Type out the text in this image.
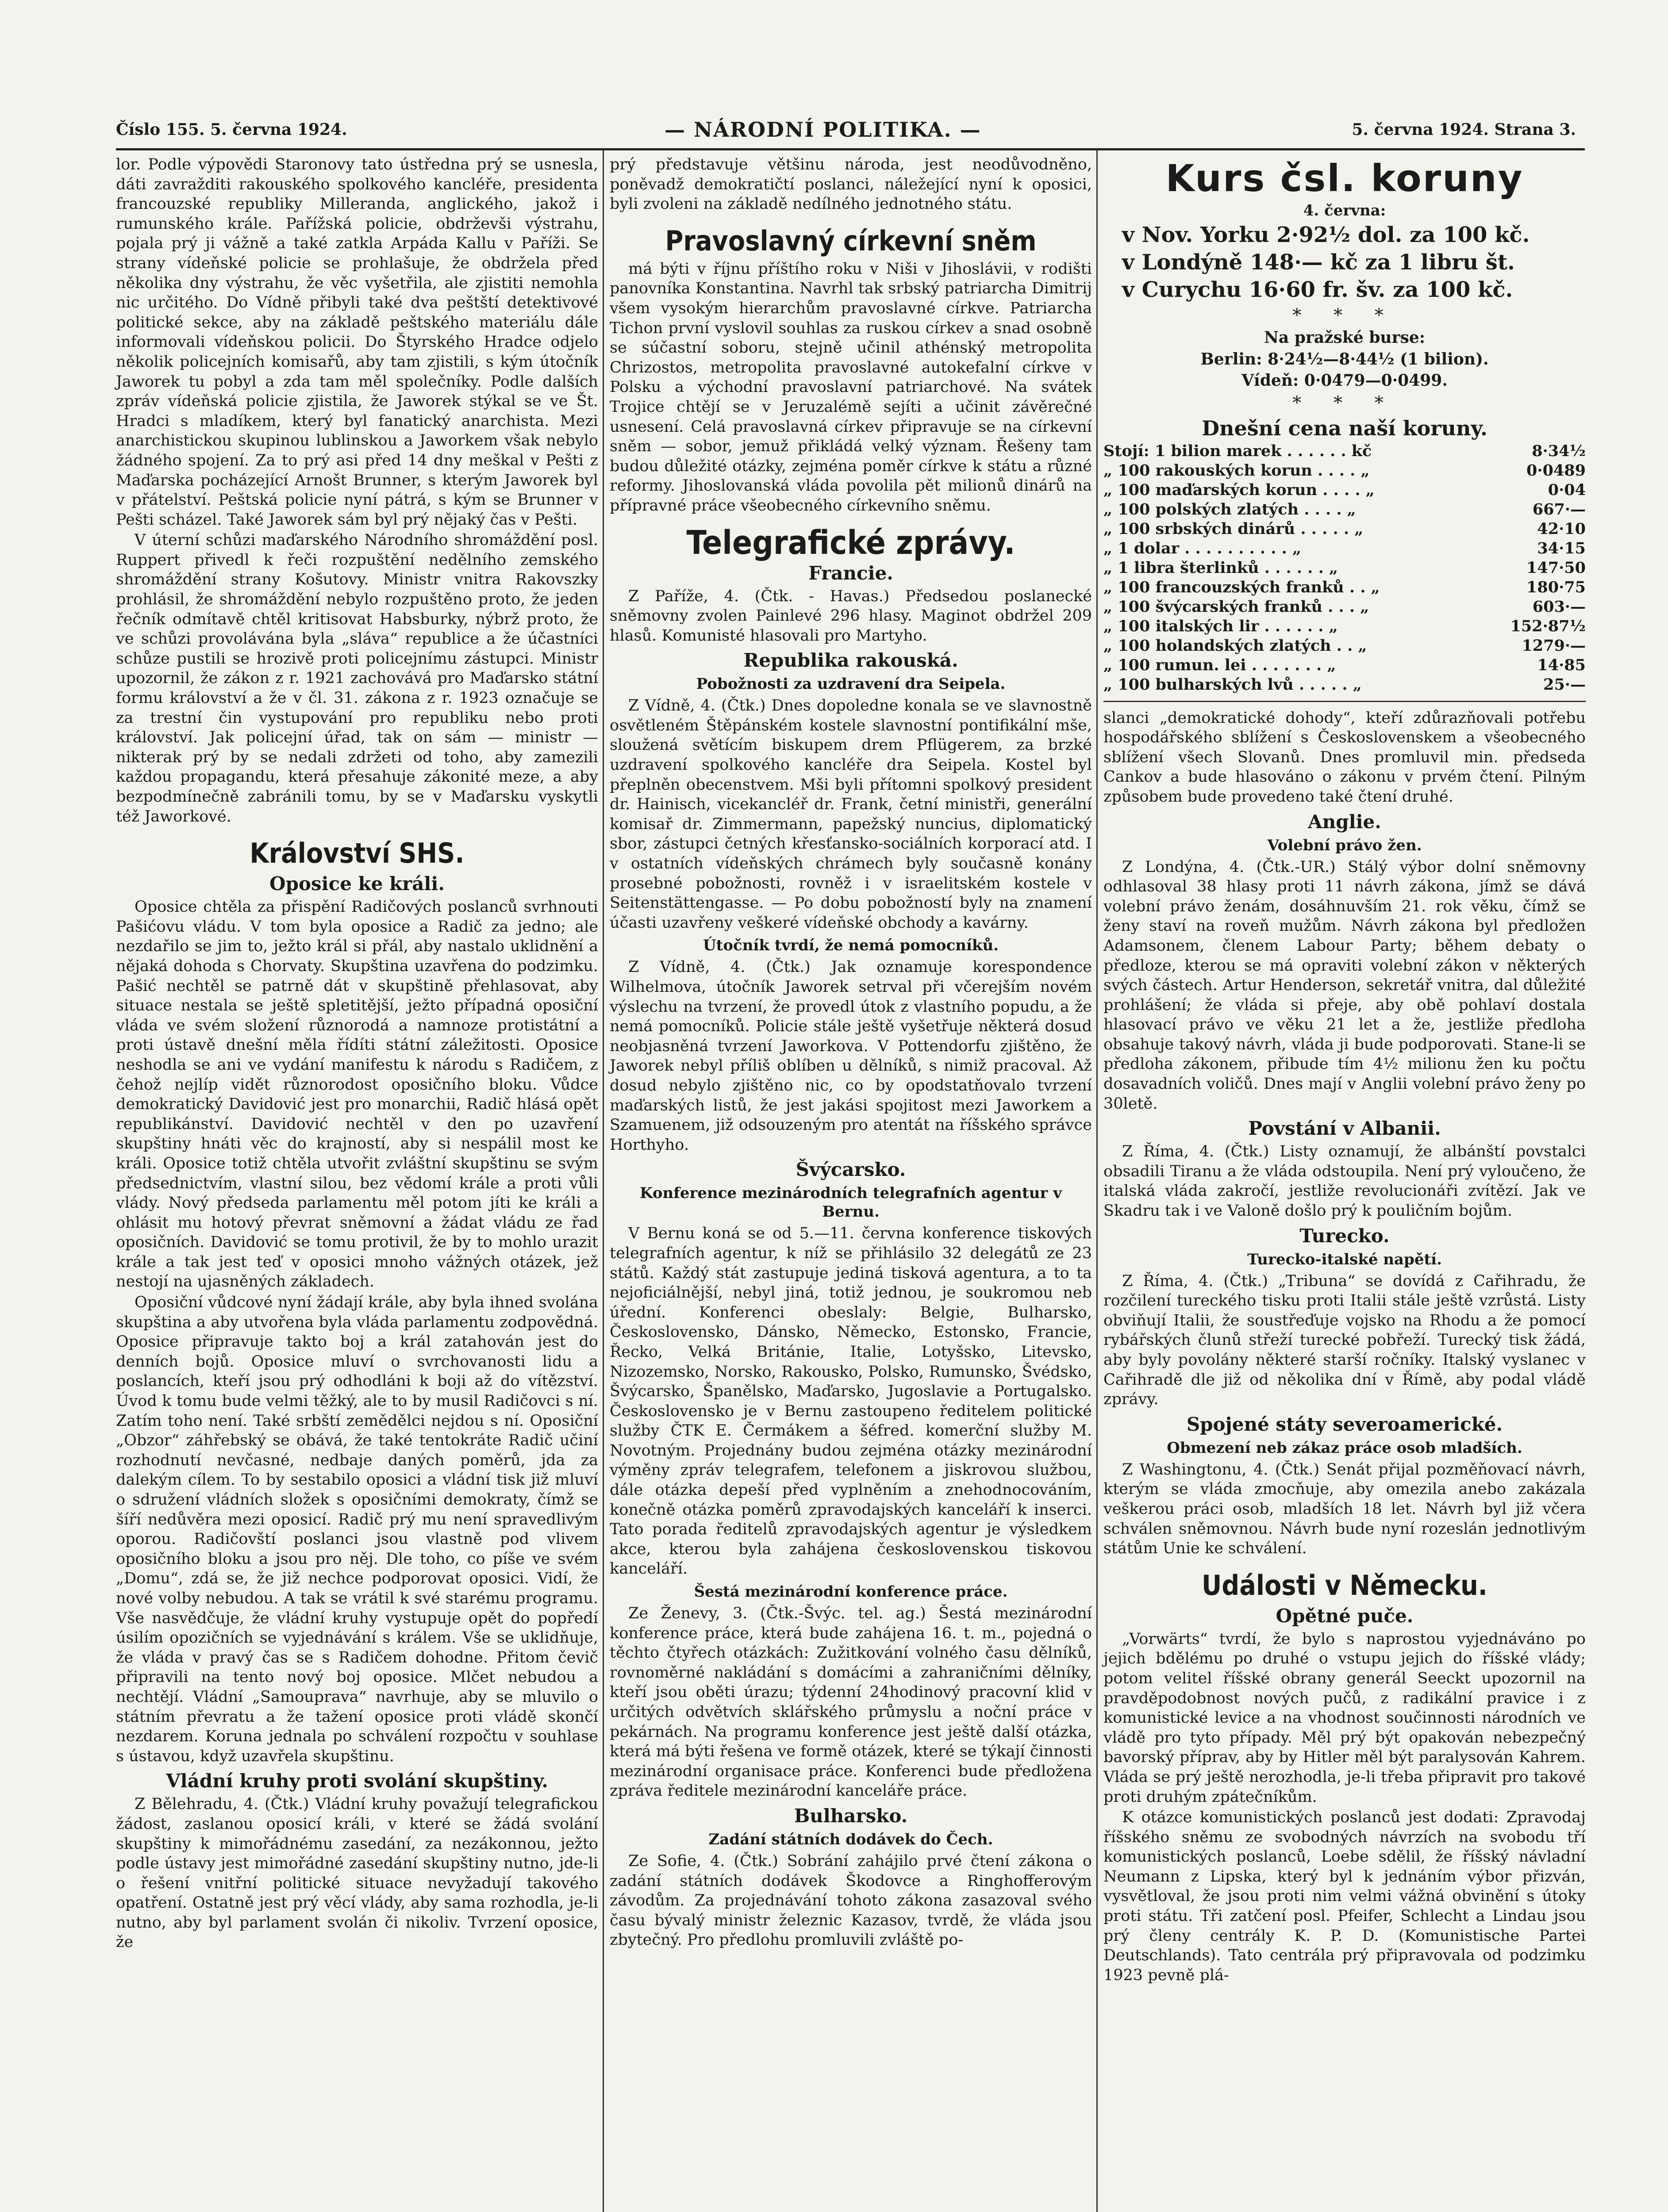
Číslo 155. 5. června 1924.	— NÁRODNÍ POLITIKA. —	5. června 1924. Strana 3.

lor. Podle výpovědi Staronovy tato ústředna prý se usnesla, dáti zavražditi rakouského spolkového kancléře, presidenta francouzské republiky Milleranda, anglického, jakož i rumunského krále. Pařížská policie, obdrževši výstrahu, pojala prý ji vážně a také zatkla Arpáda Kallu v Paříži. Se strany vídeňské policie se prohlašuje, že obdržela před několika dny výstrahu, že věc vyšetřila, ale zjistiti nemohla nic určitého. Do Vídně přibyli také dva peštští detektivové politické sekce, aby na základě peštského materiálu dále informovali vídeňskou policii. Do Štyrského Hradce odjelo několik policejních komisařů, aby tam zjistili, s kým útočník Jaworek tu pobyl a zda tam měl společníky. Podle dalších zpráv vídeňská policie zjistila, že Jaworek stýkal se ve Št. Hradci s mladíkem, který byl fanatický anarchista. Mezi anarchistickou skupinou lublinskou a Jaworkem však nebylo žádného spojení. Za to prý asi před 14 dny meškal v Pešti z Maďarska pocházející Arnošt Brunner, s kterým Jaworek byl v přátelství. Peštská policie nyní pátrá, s kým se Brunner v Pešti scházel. Také Jaworek sám byl prý nějaký čas v Pešti.

V úterní schůzi maďarského Národního shromáždění posl. Ruppert přivedl k řeči rozpuštění nedělního zemského shromáždění strany Košutovy. Ministr vnitra Rakovszky prohlásil, že shromáždění nebylo rozpuštěno proto, že jeden řečník odmítavě chtěl kritisovat Habsburky, nýbrž proto, že ve schůzi provolávána byla „sláva“ republice a že účastníci schůze pustili se hrozivě proti policejnímu zástupci. Ministr upozornil, že zákon z r. 1921 zachovává pro Maďarsko státní formu království a že v čl. 31. zákona z r. 1923 označuje se za trestní čin vystupování pro republiku nebo proti království. Jak policejní úřad, tak on sám — ministr — nikterak prý by se nedali zdržeti od toho, aby zamezili každou propagandu, která přesahuje zákonité meze, a aby bezpodmínečně zabránili tomu, by se v Maďarsku vyskytli též Jaworkové.

Království SHS.
Oposice ke králi.

Oposice chtěla za přispění Radičových poslanců svrhnouti Pašićovu vládu. V tom byla oposice a Radič za jedno; ale nezdařilo se jim to, ježto král si přál, aby nastalo uklidnění a nějaká dohoda s Chorvaty. Skupština uzavřena do podzimku. Pašić nechtěl se patrně dát v skupštině přehlasovat, aby situace nestala se ještě spletitější, ježto případná oposiční vláda ve svém složení různorodá a namnoze protistátní a proti ústavě dnešní měla řídíti státní záležitosti. Oposice neshodla se ani ve vydání manifestu k národu s Radičem, z čehož nejlíp vidět různorodost oposičního bloku. Vůdce demokratický Davidović jest pro monarchii, Radič hlásá opět republikánství. Davidović nechtěl v den po uzavření skupštiny hnáti věc do krajností, aby si nespálil most ke králi. Oposice totiž chtěla utvořit zvláštní skupštinu se svým předsednictvím, vlastní silou, bez vědomí krále a proti vůli vlády. Nový předseda parlamentu měl potom jíti ke králi a ohlásit mu hotový převrat sněmovní a žádat vládu ze řad oposičních. Davidović se tomu protivil, že by to mohlo urazit krále a tak jest teď v oposici mnoho vážných otázek, jež nestojí na ujasněných základech.

Oposiční vůdcové nyní žádají krále, aby byla ihned svolána skupština a aby utvořena byla vláda parlamentu zodpovědná. Oposice připravuje takto boj a král zatahován jest do denních bojů. Oposice mluví o svrchovanosti lidu a poslancích, kteří jsou prý odhodláni k boji až do vítězství. Úvod k tomu bude velmi těžký, ale to by musil Radičovci s ní. Zatím toho není. Také srbští zemědělci nejdou s ní. Oposiční „Obzor“ záhřebský se obává, že také tentokráte Radič učiní rozhodnutí nevčasné, nedbaje daných poměrů, jda za dalekým cílem. To by sestabilo oposici a vládní tisk již mluví o sdružení vládních složek s oposičními demokraty, čímž se šíří nedůvěra mezi oposicí. Radič prý mu není spravedlivým oporou. Radičovští poslanci jsou vlastně pod vlivem oposičního bloku a jsou pro něj. Dle toho, co píše ve svém „Domu“, zdá se, že již nechce podporovat oposici. Vidí, že nové volby nebudou. A tak se vrátil k své starému programu. Vše nasvědčuje, že vládní kruhy vystupuje opět do popředí úsilím opozičních se vyjednávání s králem. Vše se uklidňuje, že vláda v pravý čas se s Radičem dohodne. Přitom čevič připravili na tento nový boj oposice. Mlčet nebudou a nechtějí. Vládní „Samouprava“ navrhuje, aby se mluvilo o státním převratu a že tažení oposice proti vládě skončí nezdarem. Koruna jednala po schválení rozpočtu v souhlase s ústavou, když uzavřela skupštinu.

Vládní kruhy proti svolání skupštiny.

Z Bělehradu, 4. (Čtk.) Vládní kruhy považují telegrafickou žádost, zaslanou oposicí králi, v které se žádá svolání skupštiny k mimořádnému zasedání, za nezákonnou, ježto podle ústavy jest mimořádné zasedání skupštiny nutno, jde-li o řešení vnitřní politické situace nevyžadují takového opatření. Ostatně jest prý věcí vlády, aby sama rozhodla, je-li nutno, aby byl parlament svolán či nikoliv. Tvrzení oposice, že

prý představuje většinu národa, jest neodůvodněno, poněvadž demokratičtí poslanci, náležející nyní k oposici, byli zvoleni na základě nedílného jednotného státu.

Pravoslavný církevní sněm

má býti v říjnu příštího roku v Niši v Jihoslávii, v rodišti panovníka Konstantina. Navrhl tak srbský patriarcha Dimitrij všem vysokým hierarchům pravoslavné církve. Patriarcha Tichon první vyslovil souhlas za ruskou církev a snad osobně se súčastní soboru, stejně učinil athénský metropolita Chrizostos, metropolita pravoslavné autokefalní církve v Polsku a východní pravoslavní patriarchové. Na svátek Trojice chtějí se v Jeruzalémě sejíti a učinit závěrečné usnesení. Celá pravoslavná církev připravuje se na církevní sněm — sobor, jemuž přikládá velký význam. Řešeny tam budou důležité otázky, zejména poměr církve k státu a různé reformy. Jihoslovanská vláda povolila pět milionů dinárů na přípravné práce všeobecného církevního sněmu.

Telegrafické zprávy.
Francie.

Z Paříže, 4. (Čtk. - Havas.) Předsedou poslanecké sněmovny zvolen Painlevé 296 hlasy. Maginot obdržel 209 hlasů. Komunisté hlasovali pro Martyho.

Republika rakouská.
Pobožnosti za uzdravení dra Seipela.

Z Vídně, 4. (Čtk.) Dnes dopoledne konala se ve slavnostně osvětleném Štěpánském kostele slavnostní pontifikální mše, sloužená světícím biskupem drem Pflügerem, za brzké uzdravení spolkového kancléře dra Seipela. Kostel byl přeplněn obecenstvem. Mši byli přítomni spolkový president dr. Hainisch, vicekancléř dr. Frank, četní ministři, generální komisař dr. Zimmermann, papežský nuncius, diplomatický sbor, zástupci četných křesťansko-sociálních korporací atd. I v ostatních vídeňských chrámech byly současně konány prosebné pobožnosti, rovněž i v israelitském kostele v Seitenstättengasse. — Po dobu pobožností byly na znamení účasti uzavřeny veškeré vídeňské obchody a kavárny.

Útočník tvrdí, že nemá pomocníků.

Z Vídně, 4. (Čtk.) Jak oznamuje korespondence Wilhelmova, útočník Jaworek setrval při včerejším novém výslechu na tvrzení, že provedl útok z vlastního popudu, a že nemá pomocníků. Policie stále ještě vyšetřuje některá dosud neobjasněná tvrzení Jaworkova. V Pottendorfu zjištěno, že Jaworek nebyl příliš oblíben u dělníků, s nimiž pracoval. Až dosud nebylo zjištěno nic, co by opodstatňovalo tvrzení maďarských listů, že jest jakási spojitost mezi Jaworkem a Szamuenem, již odsouzeným pro atentát na říšského správce Horthyho.

Švýcarsko.
Konference mezinárodních telegrafních agentur v Bernu.

V Bernu koná se od 5.—11. června konference tiskových telegrafních agentur, k níž se přihlásilo 32 delegátů ze 23 států. Každý stát zastupuje jediná tisková agentura, a to ta nejoficiálnější, nebyl jiná, totiž jednou, je soukromou neb úřední. Konferenci obeslaly: Belgie, Bulharsko, Československo, Dánsko, Německo, Estonsko, Francie, Řecko, Velká Británie, Italie, Lotyšsko, Litevsko, Nizozemsko, Norsko, Rakousko, Polsko, Rumunsko, Švédsko, Švýcarsko, Španělsko, Maďarsko, Jugoslavie a Portugalsko. Československo je v Bernu zastoupeno ředitelem politické služby ČTK E. Čermákem a šéfred. komerční služby M. Novotným. Projednány budou zejména otázky mezinárodní výměny zpráv telegrafem, telefonem a jiskrovou službou, dále otázka depeší před vyplněním a znehodnocováním, konečně otázka poměrů zpravodajských kanceláří k inserci. Tato porada ředitelů zpravodajských agentur je výsledkem akce, kterou byla zahájena československou tiskovou kanceláří.

Šestá mezinárodní konference práce.

Ze Ženevy, 3. (Čtk.-Švýc. tel. ag.) Šestá mezinárodní konference práce, která bude zahájena 16. t. m., pojedná o těchto čtyřech otázkách: Zužitkování volného času dělníků, rovnoměrné nakládání s domácími a zahraničními dělníky, kteří jsou oběti úrazu; týdenní 24hodinový pracovní klid v určitých odvětvích sklářského průmyslu a noční práce v pekárnách. Na programu konference jest ještě další otázka, která má býti řešena ve formě otázek, které se týkají činnosti mezinárodní organisace práce. Konferenci bude předložena zpráva ředitele mezinárodní kanceláře práce.

Bulharsko.
Zadání státních dodávek do Čech.

Ze Sofie, 4. (Čtk.) Sobrání zahájilo prvé čtení zákona o zadání státních dodávek Škodovce a Ringhofferovým závodům. Za projednávání tohoto zákona zasazoval svého času bývalý ministr železnic Kazasov, tvrdě, že vláda jsou zbytečný. Pro předlohu promluvili zvláště po-

Kurs čsl. koruny
4. června:

v Nov. Yorku 2·92½ dol. za 100 kč.

v Londýně 148·— kč za 1 libru št.

v Curychu 16·60 fr. šv. za 100 kč.

* * *
Na pražské burse:
Berlin: 8·24½—8·44½ (1 bilion).
Vídeň: 0·0479—0·0499.
* * *
Dnešní cena naší koruny.
Stojí: 1 bilion marek . . . . . . kč	8·34½
„ 100 rakouských korun . . . . „	0·0489
„ 100 maďarských korun . . . . „	0·04
„ 100 polských zlatých . . . . „	667·—
„ 100 srbských dinárů . . . . . „	42·10
„ 1 dolar . . . . . . . . . . „	34·15
„ 1 libra šterlinků . . . . . . „	147·50
„ 100 francouzských franků . . „	180·75
„ 100 švýcarských franků . . . „	603·—
„ 100 italských lir . . . . . . „	152·87½
„ 100 holandských zlatých . . „	1279·—
„ 100 rumun. lei . . . . . . . „	14·85
„ 100 bulharských lvů . . . . . „	25·—

slanci „demokratické dohody“, kteří zdůrazňovali potřebu hospodářského sblížení s Československem a všeobecného sblížení všech Slovanů. Dnes promluvil min. předseda Cankov a bude hlasováno o zákonu v prvém čtení. Pilným způsobem bude provedeno také čtení druhé.

Anglie.
Volební právo žen.

Z Londýna, 4. (Čtk.-UR.) Stálý výbor dolní sněmovny odhlasoval 38 hlasy proti 11 návrh zákona, jímž se dává volební právo ženám, dosáhnuvším 21. rok věku, čímž se ženy staví na roveň mužům. Návrh zákona byl předložen Adamsonem, členem Labour Party; během debaty o předloze, kterou se má opraviti volební zákon v některých svých částech. Artur Henderson, sekretář vnitra, dal důležité prohlášení; že vláda si přeje, aby obě pohlaví dostala hlasovací právo ve věku 21 let a že, jestliže předloha obsahuje takový návrh, vláda ji bude podporovati. Stane-li se předloha zákonem, přibude tím 4½ milionu žen ku počtu dosavadních voličů. Dnes mají v Anglii volební právo ženy po 30letě.

Povstání v Albanii.

Z Říma, 4. (Čtk.) Listy oznamují, že albánští povstalci obsadili Tiranu a že vláda odstoupila. Není prý vyloučeno, že italská vláda zakročí, jestliže revolucionáři zvítězí. Jak ve Skadru tak i ve Valoně došlo prý k pouličním bojům.

Turecko.
Turecko-italské napětí.

Z Říma, 4. (Čtk.) „Tribuna“ se dovídá z Cařihradu, že rozčilení tureckého tisku proti Italii stále ještě vzrůstá. Listy obviňují Italii, že soustřeďuje vojsko na Rhodu a že pomocí rybářských člunů střeží turecké pobřeží. Turecký tisk žádá, aby byly povolány některé starší ročníky. Italský vyslanec v Cařihradě dle již od několika dní v Římě, aby podal vládě zprávy.

Spojené státy severoamerické.
Obmezení neb zákaz práce osob mladších.

Z Washingtonu, 4. (Čtk.) Senát přijal pozměňovací návrh, kterým se vláda zmocňuje, aby omezila anebo zakázala veškerou práci osob, mladších 18 let. Návrh byl již včera schválen sněmovnou. Návrh bude nyní rozeslán jednotlivým státům Unie ke schválení.

Události v Německu.
Opětné puče.

„Vorwärts“ tvrdí, že bylo s naprostou vyjednáváno po jejich bdělému po druhé o vstupu jejich do říšské vlády; potom velitel říšské obrany generál Seeckt upozornil na pravděpodobnost nových pučů, z radikální pravice i z komunistické levice a na vhodnost součinnosti národních ve vládě pro tyto případy. Měl prý být opakován nebezpečný bavorský příprav, aby by Hitler měl být paralysován Kahrem. Vláda se prý ještě nerozhodla, je-li třeba připravit pro takové proti druhým zpátečníkům.

K otázce komunistických poslanců jest dodati: Zpravodaj říšského sněmu ze svobodných návrzích na svobodu tří komunistických poslanců, Loebe sdělil, že říšský návladní Neumann z Lipska, který byl k jednáním výbor přizván, vysvětloval, že jsou proti nim velmi vážná obvinění s útoky proti státu. Tři zatčení posl. Pfeifer, Schlecht a Lindau jsou prý členy centrály K. P. D. (Komunistische Partei Deutschlands). Tato centrála prý připravovala od podzimku 1923 pevně plá-
